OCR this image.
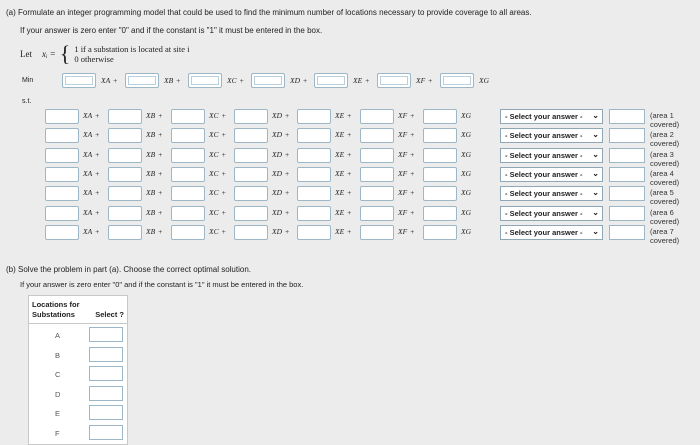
(a) Formulate an integer programming model that could be used to find the minimum number of locations necessary to provide coverage to all areas.
If your answer is zero enter "0" and if the constant is "1" it must be entered in the box.
Let xᵢ = { 1 if a substation is located at site i
0 otherwise
Min	XA +	XB +	XC +	XD +	XE +	XF +	XG
s.t.
XA +	XB +	XC +	XD +	XE +	XF +	XG	- Select your answer - ⌄	(area 1 covered)
XA +	XB +	XC +	XD +	XE +	XF +	XG	- Select your answer - ⌄	(area 2 covered)
XA +	XB +	XC +	XD +	XE +	XF +	XG	- Select your answer - ⌄	(area 3 covered)
XA +	XB +	XC +	XD +	XE +	XF +	XG	- Select your answer - ⌄	(area 4 covered)
XA +	XB +	XC +	XD +	XE +	XF +	XG	- Select your answer - ⌄	(area 5 covered)
XA +	XB +	XC +	XD +	XE +	XF +	XG	- Select your answer - ⌄	(area 6 covered)
XA +	XB +	XC +	XD +	XE +	XF +	XG	- Select your answer - ⌄	(area 7 covered)
(b) Solve the problem in part (a). Choose the correct optimal solution.
If your answer is zero enter "0" and if the constant is "1" it must be entered in the box.
Locations for Substations	Select ?
A
B
C
D
E
F
